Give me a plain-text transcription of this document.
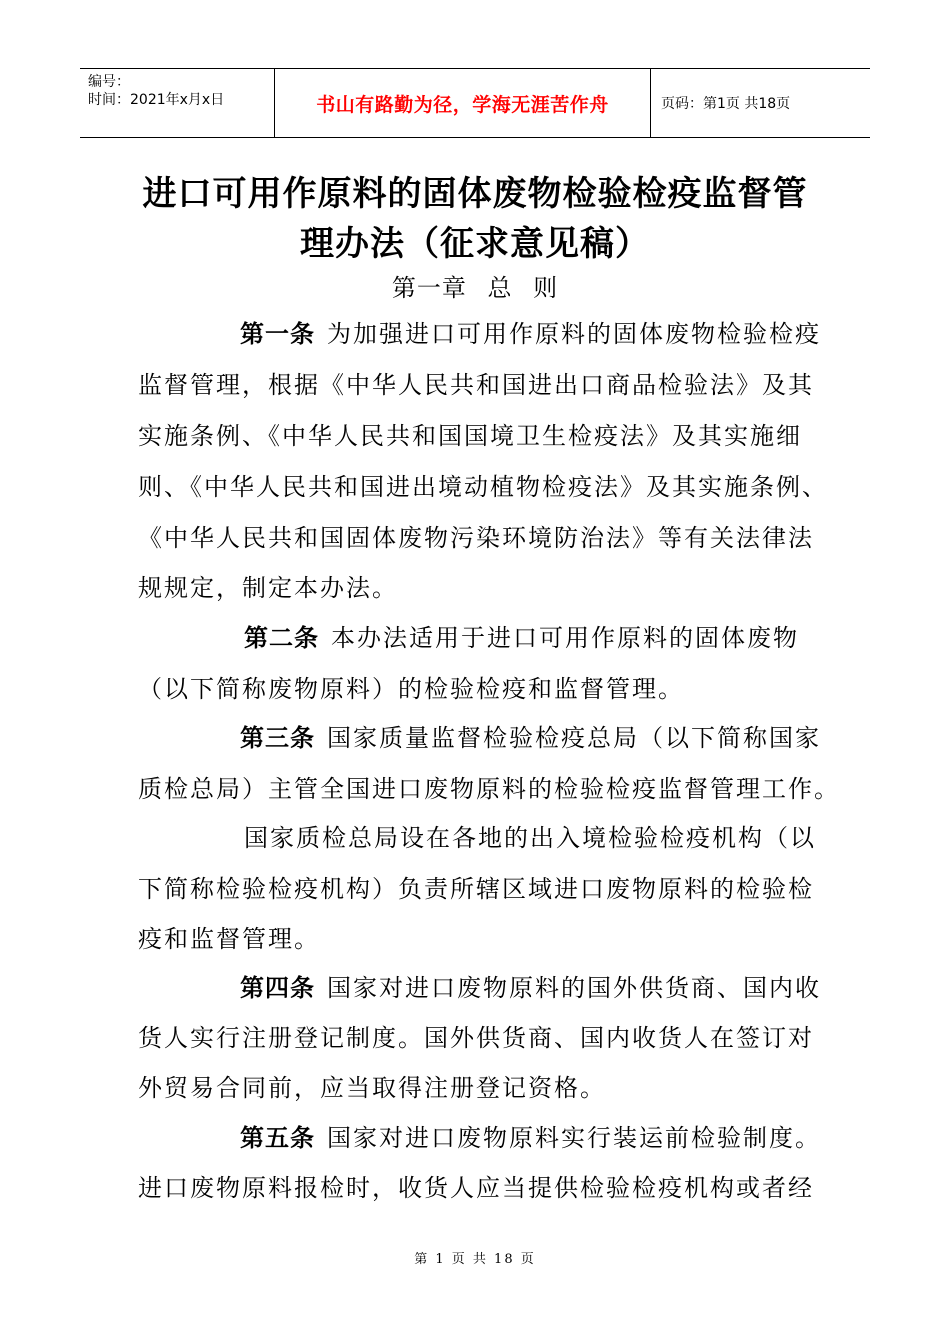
编号：
时间：2021年x月x日	书山有路勤为径，学海无涯苦作舟	页码：第1页 共18页
进口可用作原料的固体废物检验检疫监督管
理办法（征求意见稿）
第一章 总 则
第一条 为加强进口可用作原料的固体废物检验检疫
监督管理，根据《中华人民共和国进出口商品检验法》及其
实施条例、《中华人民共和国国境卫生检疫法》及其实施细
则、《中华人民共和国进出境动植物检疫法》及其实施条例、
《中华人民共和国固体废物污染环境防治法》等有关法律法
规规定，制定本办法。
第二条 本办法适用于进口可用作原料的固体废物
（以下简称废物原料）的检验检疫和监督管理。
第三条 国家质量监督检验检疫总局（以下简称国家
质检总局）主管全国进口废物原料的检验检疫监督管理工作。
国家质检总局设在各地的出入境检验检疫机构（以
下简称检验检疫机构）负责所辖区域进口废物原料的检验检
疫和监督管理。
第四条 国家对进口废物原料的国外供货商、国内收
货人实行注册登记制度。国外供货商、国内收货人在签订对
外贸易合同前，应当取得注册登记资格。
第五条 国家对进口废物原料实行装运前检验制度。
进口废物原料报检时，收货人应当提供检验检疫机构或者经
第 1 页 共 18 页
